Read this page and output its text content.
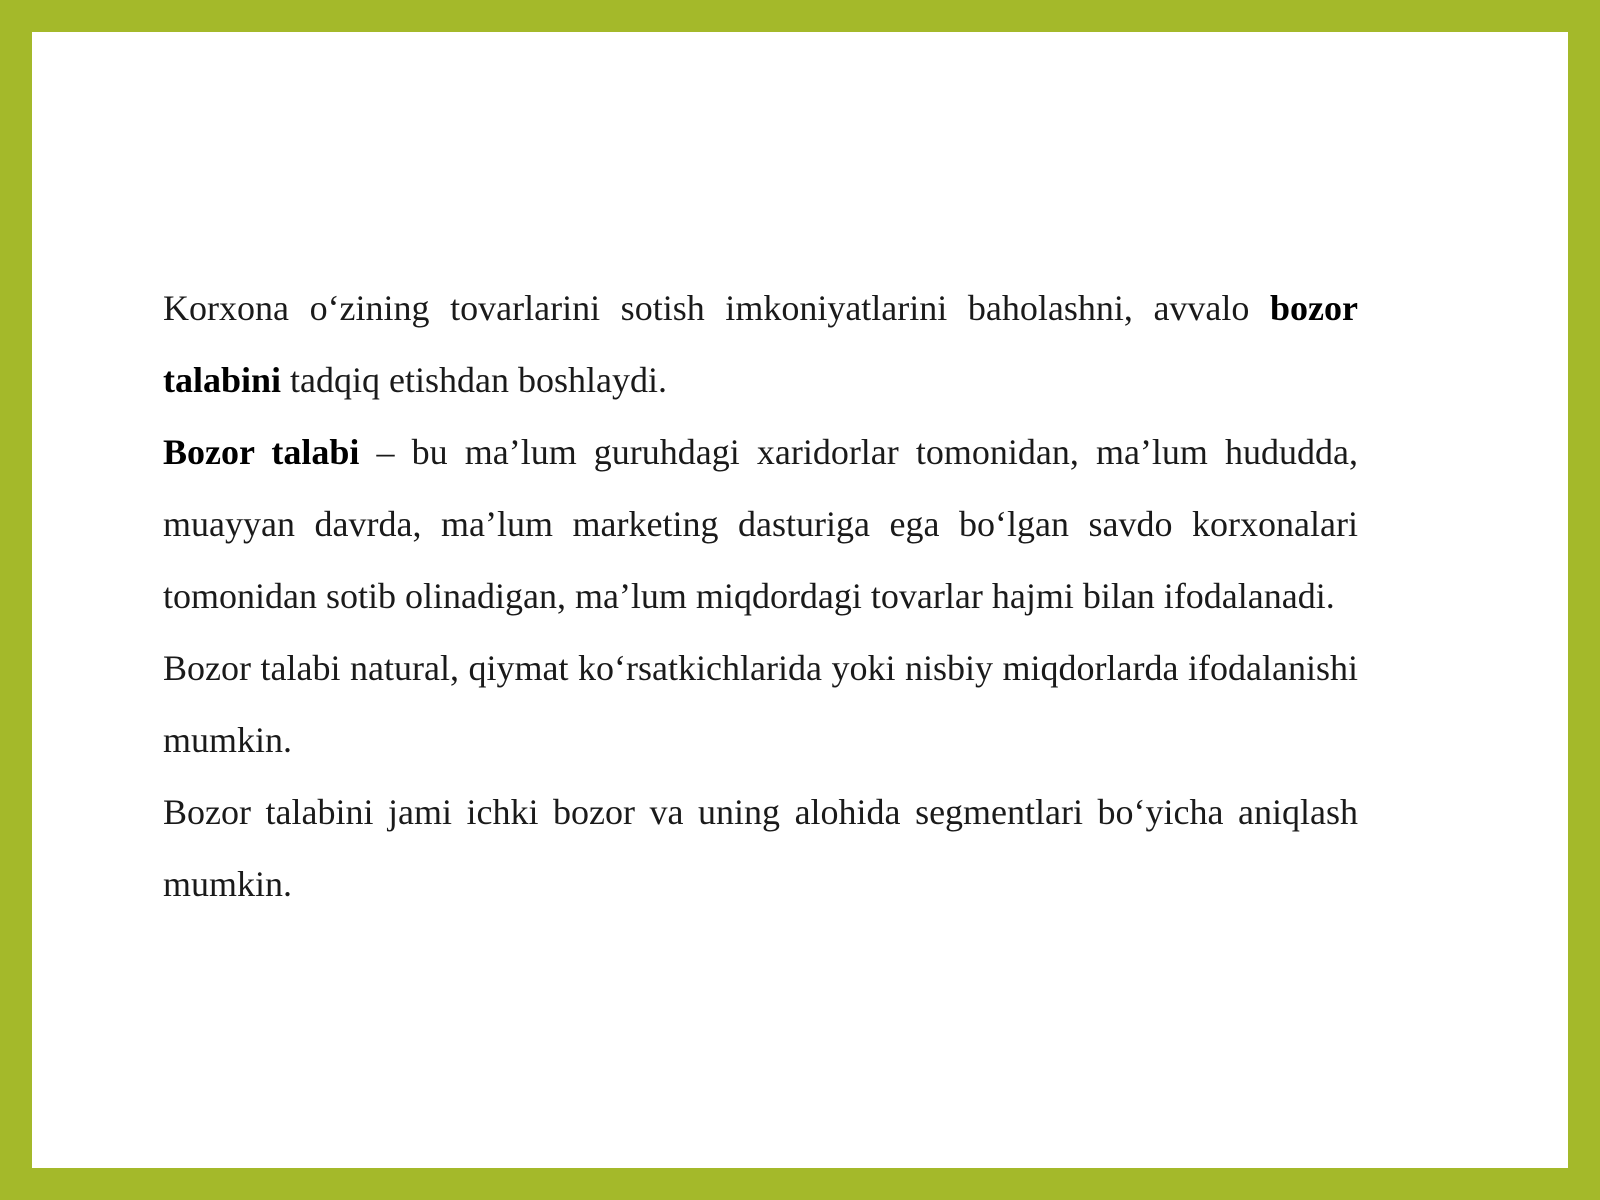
Korxona o‘zining tovarlarini sotish imkoniyatlarini baholashni, avvalo bozor talabini tadqiq etishdan boshlaydi.

Bozor talabi – bu ma’lum guruhdagi xaridorlar tomonidan, ma’lum hududda, muayyan davrda, ma’lum marketing dasturiga ega bo‘lgan savdo korxonalari tomonidan sotib olinadigan, ma’lum miqdordagi tovarlar hajmi bilan ifodalanadi.

Bozor talabi natural, qiymat ko‘rsatkichlarida yoki nisbiy miqdorlarda ifodalanishi mumkin.

Bozor talabini jami ichki bozor va uning alohida segmentlari bo‘yicha aniqlash mumkin.
